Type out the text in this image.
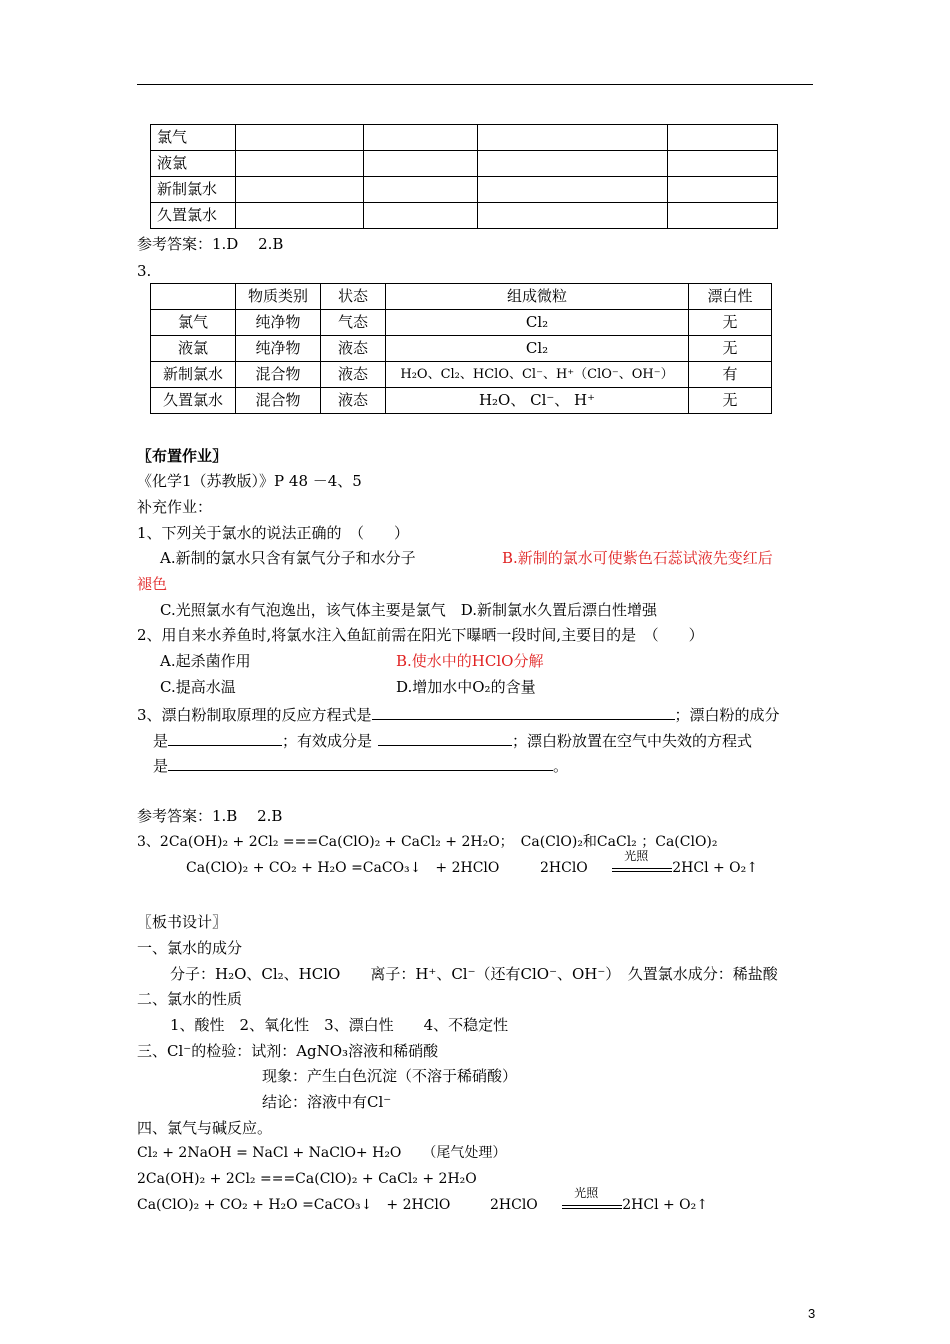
氯气				
液氯				
新制氯水				
久置氯水				
参考答案：1.D　 2.B
3.
	物质类别	状态	组成微粒	漂白性
氯气	纯净物	气态	Cl₂	无
液氯	纯净物	液态	Cl₂	无
新制氯水	混合物	液态	H₂O、Cl₂、HClO、Cl⁻、H⁺（ClO⁻、OH⁻）	有
久置氯水	混合物	液态	H₂O、 Cl⁻、 H⁺	无
〖布置作业〗
《化学1（苏教版）》P 48 －4、5
补充作业：
1、下列关于氯水的说法正确的　（　　）
A.新制的氯水只含有氯气分子和水分子	B.新制的氯水可使紫色石蕊试液先变红后
褪色
C.光照氯水有气泡逸出，该气体主要是氯气　D.新制氯水久置后漂白性增强
2、用自来水养鱼时,将氯水注入鱼缸前需在阳光下曝晒一段时间,主要目的是　（　　）
A.起杀菌作用	B.使水中的HClO分解
C.提高水温	D.增加水中O₂的含量
3、漂白粉制取原理的反应方程式是	；漂白粉的成分
是	；有效成分是	；漂白粉放置在空气中失效的方程式
是	。
参考答案：1.B　 2.B
3、2Ca(OH)₂ + 2Cl₂ ===Ca(ClO)₂ + CaCl₂ + 2H₂O；　Ca(ClO)₂和CaCl₂ ；Ca(ClO)₂
Ca(ClO)₂ + CO₂ + H₂O =CaCO₃↓　+ 2HClO	2HClO
光照
2HCl + O₂↑
〖板书设计〗
一、氯水的成分
分子：H₂O、Cl₂、HClO　　离子：H⁺、Cl⁻（还有ClO⁻、OH⁻）　久置氯水成分：稀盐酸
二、氯水的性质
1、酸性　2、氧化性　3、漂白性　　4、不稳定性
三、Cl⁻的检验：试剂：AgNO₃溶液和稀硝酸
现象：产生白色沉淀（不溶于稀硝酸）
结论：溶液中有Cl⁻
四、氯气与碱反应。
Cl₂ + 2NaOH = NaCl + NaClO+ H₂O　　（尾气处理）
2Ca(OH)₂ + 2Cl₂ ===Ca(ClO)₂ + CaCl₂ + 2H₂O
Ca(ClO)₂ + CO₂ + H₂O =CaCO₃↓　+ 2HClO	2HClO
光照
2HCl + O₂↑
3
